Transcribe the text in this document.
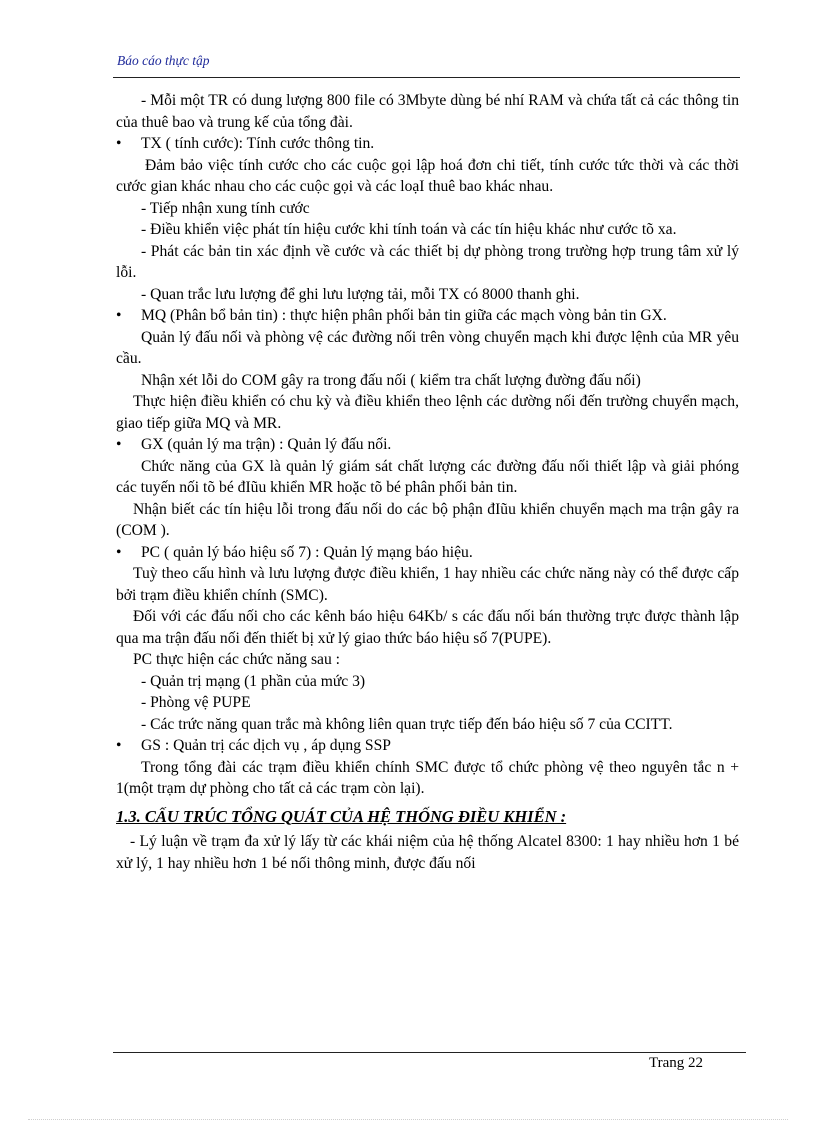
Báo cáo thực tập

- Mỗi một TR có dung lượng 800 file có 3Mbyte dùng bé nhí RAM và chứa tất cả các thông tin của thuê bao và trung kế của tổng đài.

• TX ( tính cước): Tính cước thông tin.

Đảm bảo việc tính cước cho các cuộc gọi lập hoá đơn chi tiết, tính cước tức thời và các thời cước gian khác nhau cho các cuộc gọi và các loạI thuê bao khác nhau.

- Tiếp nhận xung tính cước

- Điều khiển việc phát tín hiệu cước khi tính toán và các tín hiệu khác như cước tõ xa.

- Phát các bản tin xác định về cước và các thiết bị dự phòng trong trường hợp trung tâm xử lý lỗi.

- Quan trắc lưu lượng để ghi lưu lượng tải, mỗi TX có 8000 thanh ghi.

• MQ (Phân bổ bản tin) : thực hiện phân phối bản tin giữa các mạch vòng bản tin GX.

Quản lý đấu nối và phòng vệ các đường nối trên vòng chuyển mạch khi được lệnh của MR yêu cầu.

Nhận xét lỗi do COM gây ra trong đấu nối ( kiểm tra chất lượng đường đấu nối)

Thực hiện điều khiển có chu kỳ và điều khiển theo lệnh các dường nối đến trường chuyển mạch, giao tiếp giữa MQ và MR.

• GX (quản lý ma trận) : Quản lý đấu nối.

Chức năng của GX là quản lý giám sát chất lượng các đường đấu nối thiết lập và giải phóng các tuyến nối tõ bé đIũu khiển MR hoặc tõ bé phân phối bản tin.

Nhận biết các tín hiệu lỗi trong đấu nối do các bộ phận đIũu khiển chuyển mạch ma trận gây ra (COM ).

• PC ( quản lý báo hiệu số 7) : Quản lý mạng báo hiệu.

Tuỳ theo cấu hình và lưu lượng được điều khiển, 1 hay nhiều các chức năng này có thể được cấp bởi trạm điều khiển chính (SMC).

Đối với các đấu nối cho các kênh báo hiệu 64Kb/ s các đấu nối bán thường trực được thành lập qua ma trận đấu nối đến thiết bị xử lý giao thức báo hiệu số 7(PUPE).

PC thực hiện các chức năng sau :

- Quản trị mạng (1 phần của mức 3)

- Phòng vệ PUPE

- Các trức năng quan trắc mà không liên quan trực tiếp đến báo hiệu số 7 của CCITT.

• GS : Quản trị các dịch vụ , áp dụng SSP

Trong tổng đài các trạm điều khiển chính SMC được tổ chức phòng vệ theo nguyên tắc n + 1(một trạm dự phòng cho tất cả các trạm còn lại).

1.3. CẤU TRÚC TỔNG QUÁT CỦA HỆ THỐNG ĐIỀU KHIỂN :

- Lý luận về trạm đa xử lý lấy từ các khái niệm của hệ thống Alcatel 8300: 1 hay nhiều hơn 1 bé xử lý, 1 hay nhiều hơn 1 bé nối thông minh, được đấu nối

Trang 22
